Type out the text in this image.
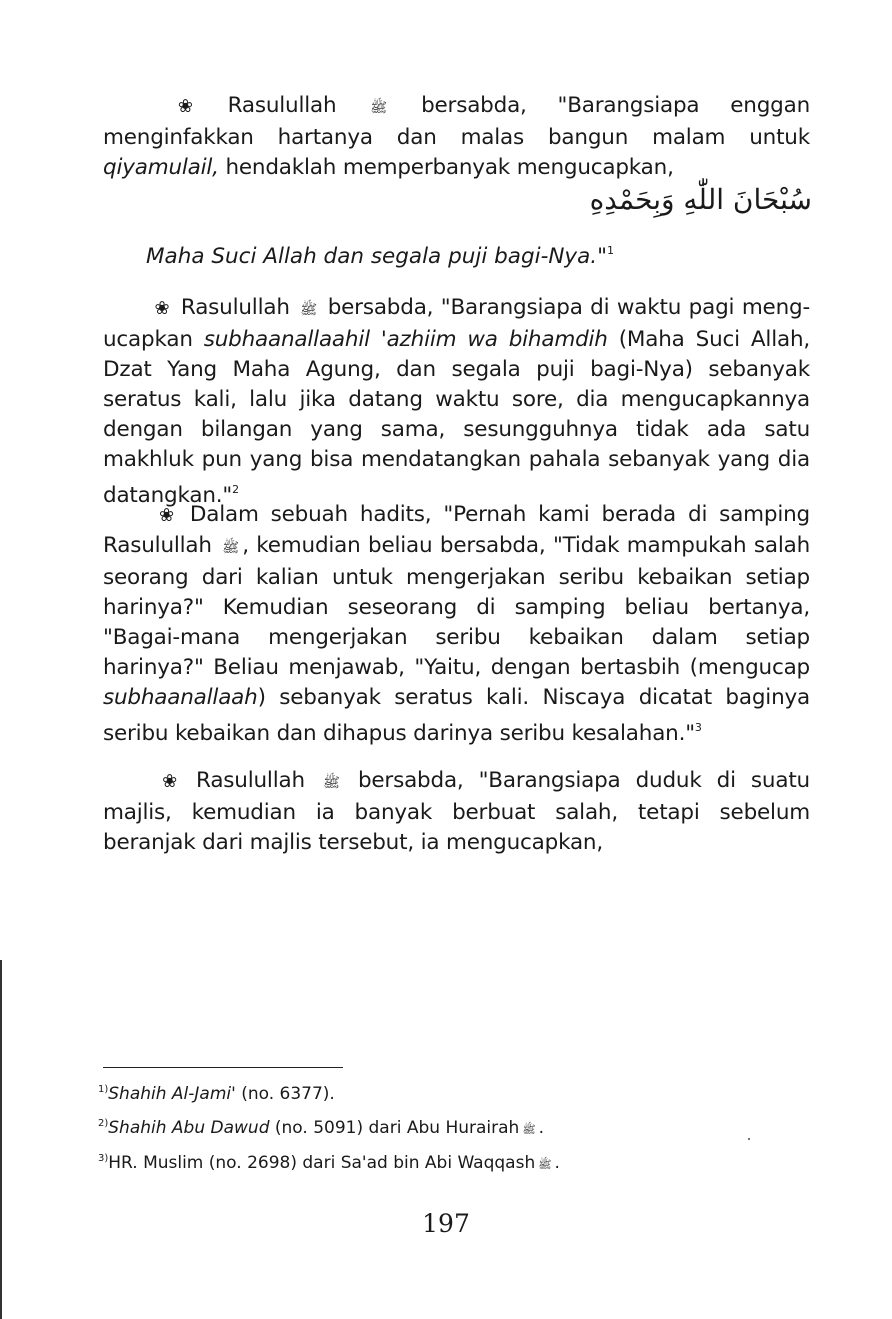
❀ Rasulullah ﷺ bersabda, "Barangsiapa enggan menginfakkan hartanya dan malas bangun malam untuk qiyamulail, hendaklah memperbanyak mengucapkan,
سُبْحَانَ اللّٰهِ وَبِحَمْدِهِ
Maha Suci Allah dan segala puji bagi-Nya."$^1$
❀ Rasulullah ﷺ bersabda, "Barangsiapa di waktu pagi meng-ucapkan subhaanallaahil 'azhiim wa bihamdih (Maha Suci Allah, Dzat Yang Maha Agung, dan segala puji bagi-Nya) sebanyak seratus kali, lalu jika datang waktu sore, dia mengucapkannya dengan bilangan yang sama, sesungguhnya tidak ada satu makhluk pun yang bisa mendatangkan pahala sebanyak yang dia datangkan."$^2$
❀ Dalam sebuah hadits, "Pernah kami berada di samping Rasulullah ﷺ , kemudian beliau bersabda, "Tidak mampukah salah seorang dari kalian untuk mengerjakan seribu kebaikan setiap harinya?" Kemudian seseorang di samping beliau bertanya, "Bagai-mana mengerjakan seribu kebaikan dalam setiap harinya?" Beliau menjawab, "Yaitu, dengan bertasbih (mengucap subhaanallaah) sebanyak seratus kali. Niscaya dicatat baginya seribu kebaikan dan dihapus darinya seribu kesalahan."$^3$
❀ Rasulullah ﷺ bersabda, "Barangsiapa duduk di suatu majlis, kemudian ia banyak berbuat salah, tetapi sebelum beranjak dari majlis tersebut, ia mengucapkan,
$^{1)}$Shahih Al-Jami' (no. 6377).
$^{2)}$Shahih Abu Dawud (no. 5091) dari Abu Hurairah ﷺ .
$^{3)}$HR. Muslim (no. 2698) dari Sa'ad bin Abi Waqqash ﷺ .
197
